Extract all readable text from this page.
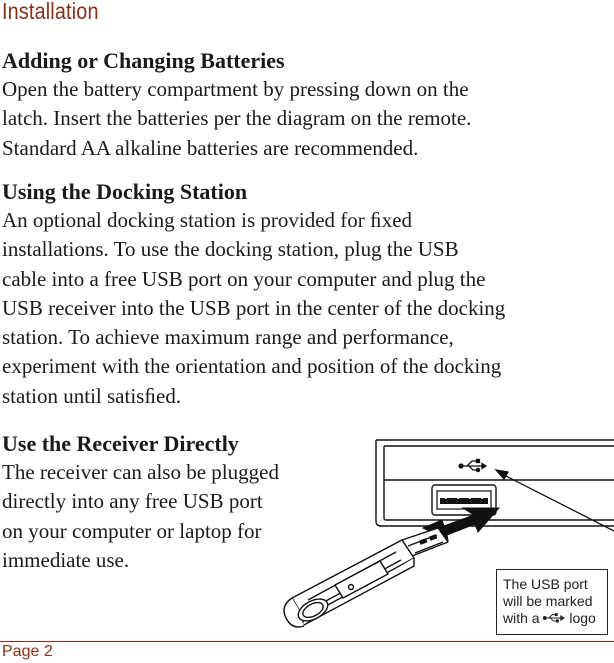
Installation
Adding or Changing Batteries
Open the battery compartment by pressing down on the
latch. Insert the batteries per the diagram on the remote.
Standard AA alkaline batteries are recommended.
Using the Docking Station
An optional docking station is provided for ﬁxed
installations. To use the docking station, plug the USB
cable into a free USB port on your computer and plug the
USB receiver into the USB port in the center of the docking
station. To achieve maximum range and performance,
experiment with the orientation and position of the docking
station until satisﬁed.
Use the Receiver Directly
The receiver can also be plugged
directly into any free USB port
on your computer or laptop for
immediate use.
The USB port
will be marked
with a logo
Page 2
